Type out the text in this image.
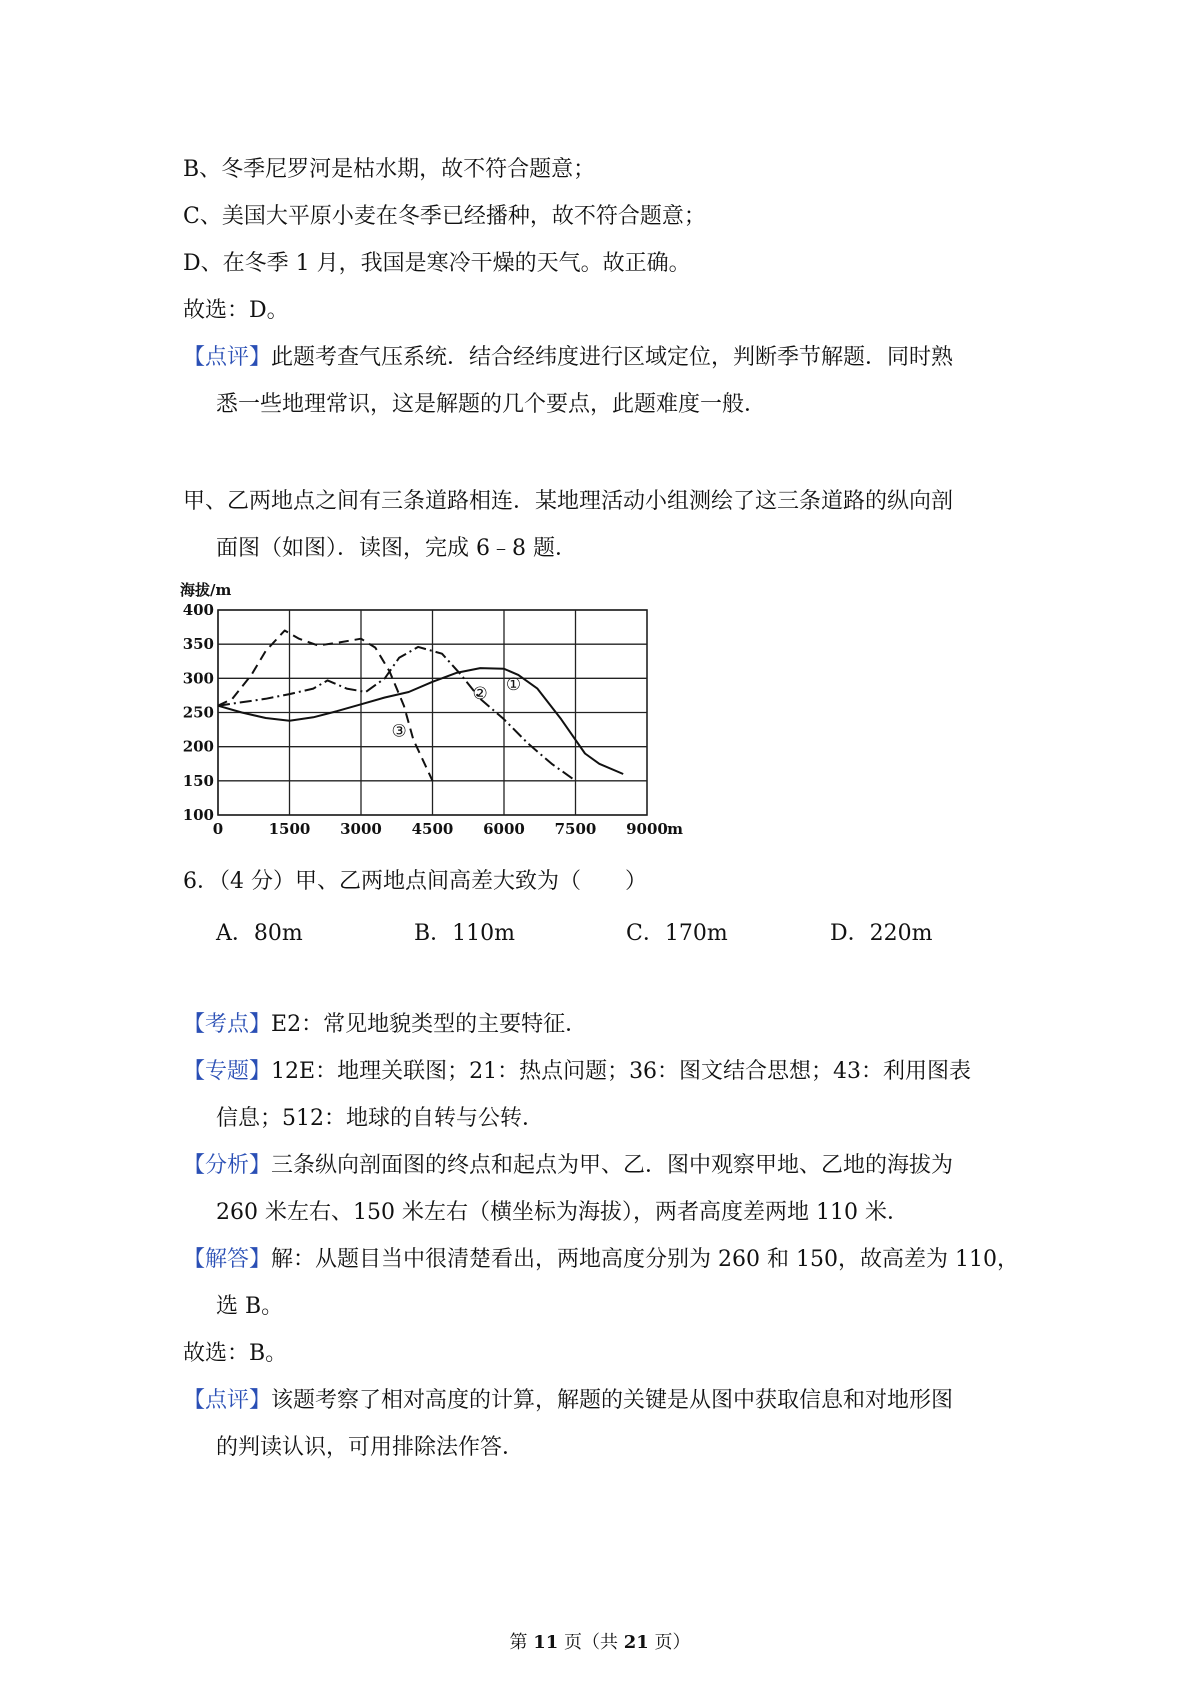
B、冬季尼罗河是枯水期，故不符合题意；
C、美国大平原小麦在冬季已经播种，故不符合题意；
D、在冬季 1 月，我国是寒冷干燥的天气。故正确。
故选：D。
【点评】此题考查气压系统．结合经纬度进行区域定位，判断季节解题．同时熟
悉一些地理常识，这是解题的几个要点，此题难度一般．
甲、乙两地点之间有三条道路相连．某地理活动小组测绘了这三条道路的纵向剖
面图（如图）．读图，完成 6﹣8 题．
100
150
200
250
300
350
400
0	1500 3000 4500 6000 7500 9000
海拔/m
m
①
②
③
6．（4 分）甲、乙两地点间高差大致为（　　）
A．80m	B．110m	C．170m	D．220m
【考点】E2：常见地貌类型的主要特征．
【专题】12E：地理关联图；21：热点问题；36：图文结合思想；43：利用图表
信息；512：地球的自转与公转．
【分析】三条纵向剖面图的终点和起点为甲、乙．图中观察甲地、乙地的海拔为
260 米左右、150 米左右（横坐标为海拔），两者高度差两地 110 米．
【解答】解：从题目当中很清楚看出，两地高度分别为 260 和 150，故高差为 110，
选 B。
故选：B。
【点评】该题考察了相对高度的计算，解题的关键是从图中获取信息和对地形图
的判读认识，可用排除法作答．
第 11 页（共 21 页）
